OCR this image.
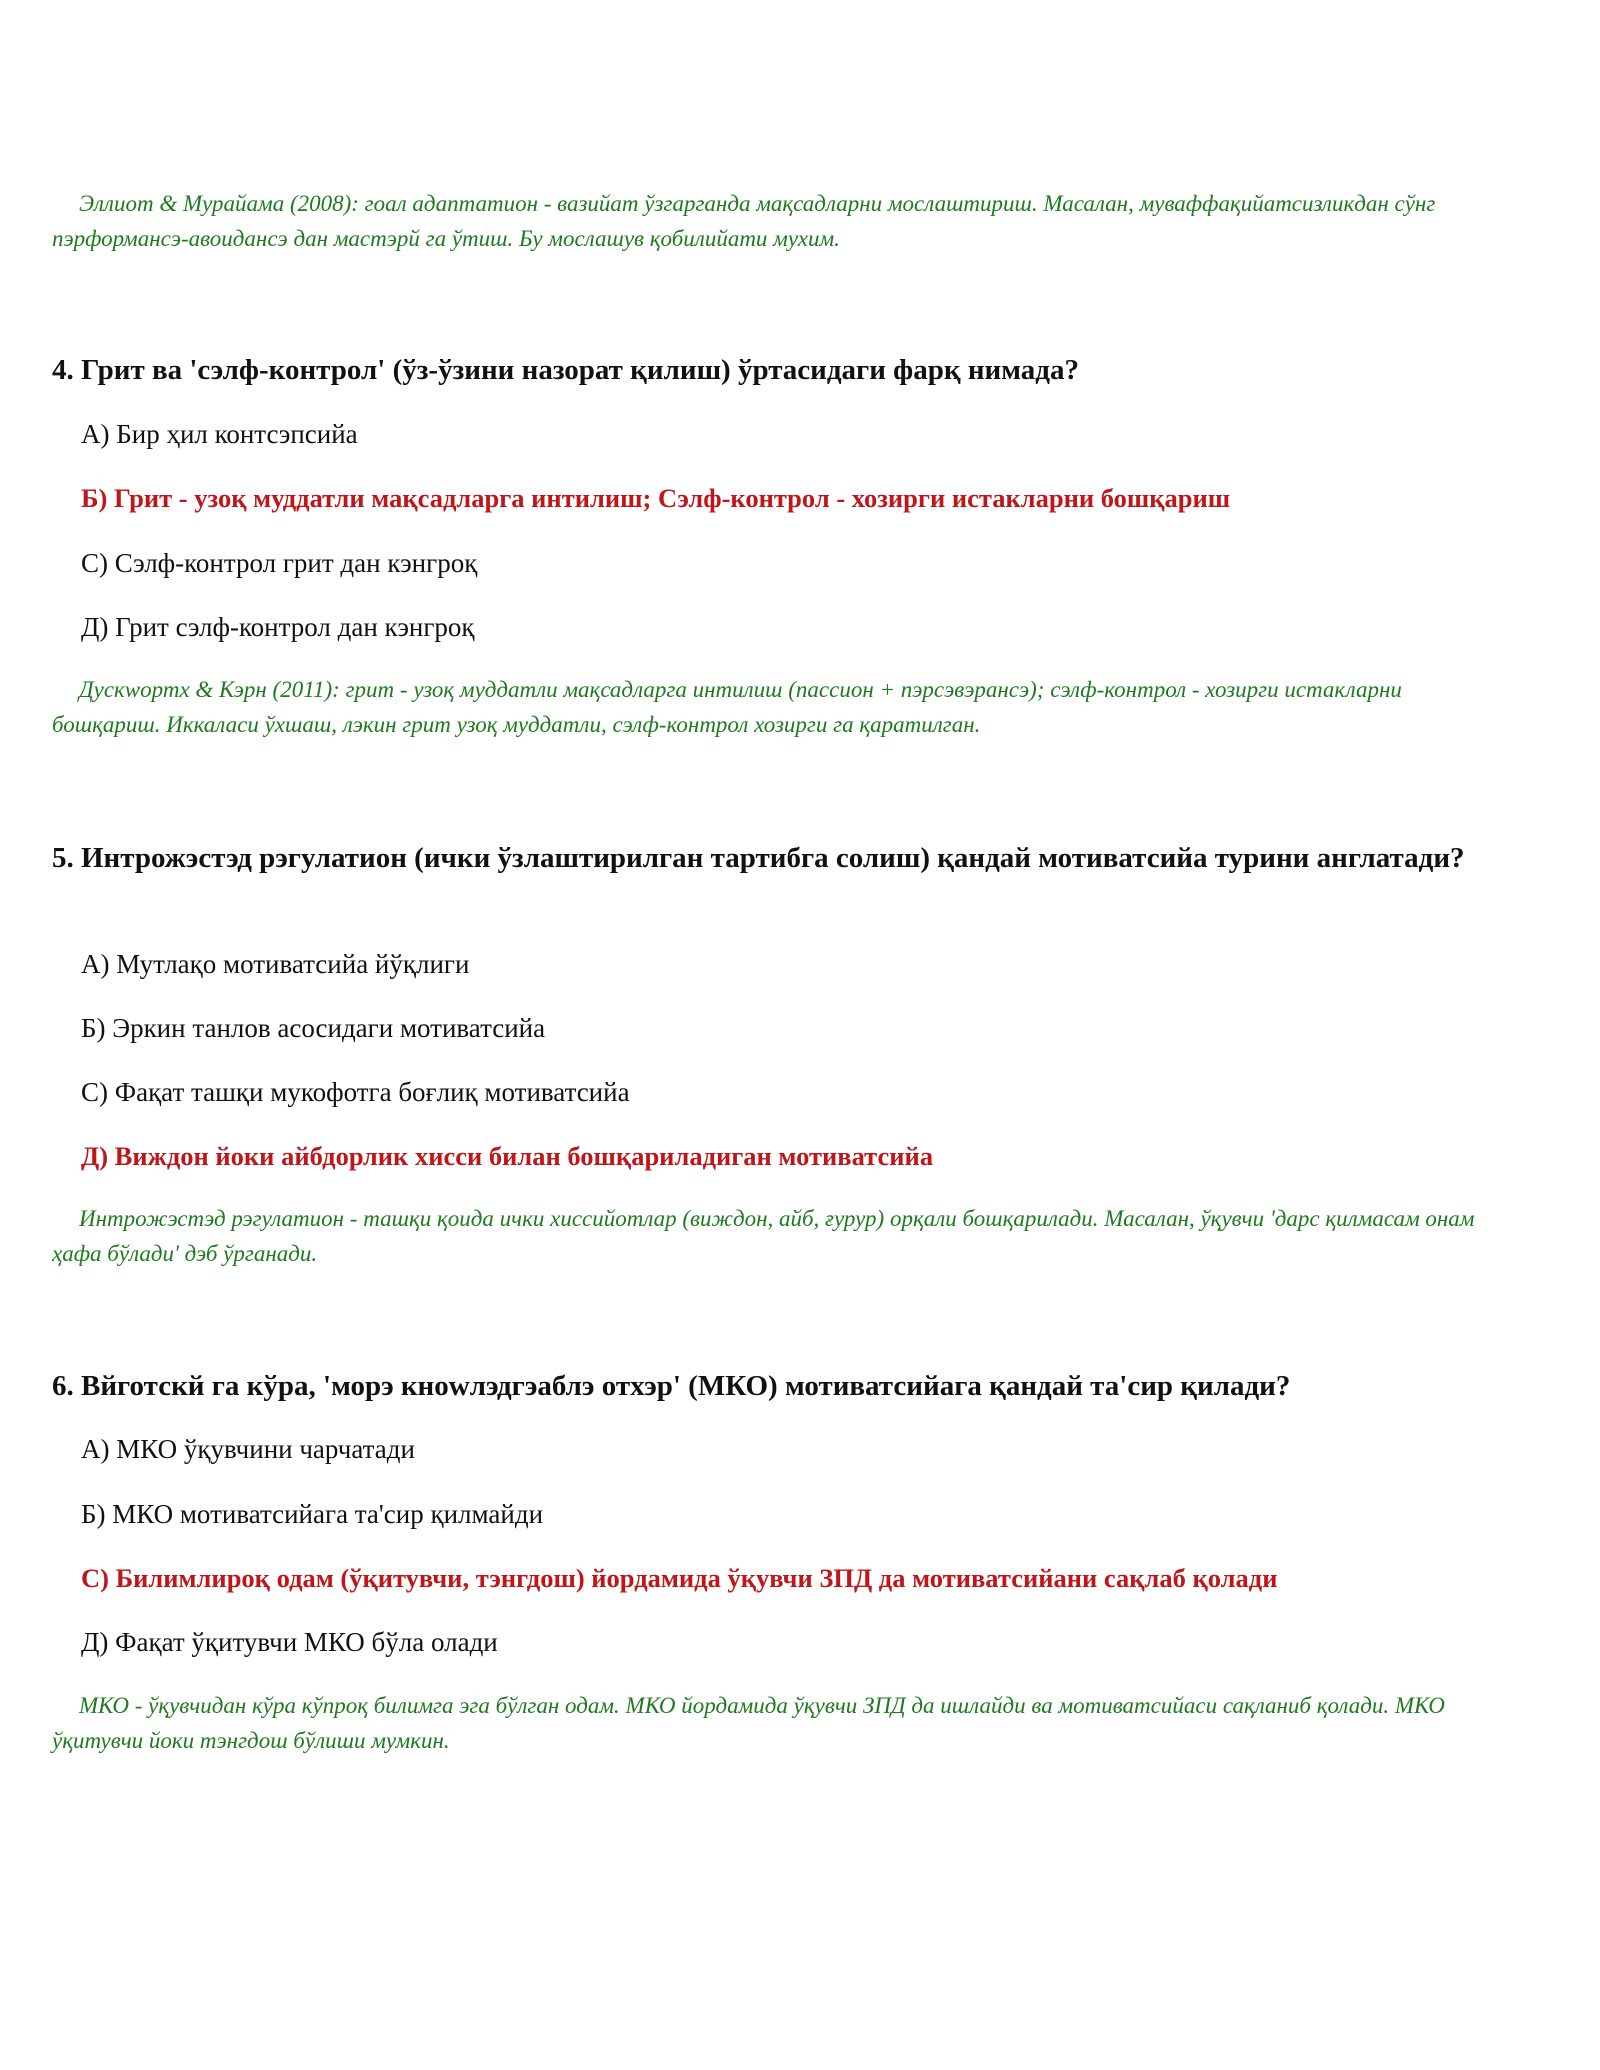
Эллиот & Мурайама (2008): гоал адаптатион - вазийат ўзгарганда мақсадларни мослаштириш. Масалан, муваффақийатсизликдан сўнг пэрформансэ-авоидансэ дан мастэрй га ўтиш. Бу мослашув қобилийати мухим.

4. Грит ва 'сэлф-контрол' (ўз-ўзини назорат қилиш) ўртасидаги фарқ нимада?

А) Бир ҳил контсэпсийа

Б) Грит - узоқ муддатли мақсадларга интилиш; Сэлф-контрол - хозирги истакларни бошқариш

С) Сэлф-контрол грит дан кэнгроқ

Д) Грит сэлф-контрол дан кэнгроқ

Дускwортх & Кэрн (2011): грит - узоқ муддатли мақсадларга интилиш (пассион + пэрсэвэрансэ); сэлф-контрол - хозирги истакларни бошқариш. Иккаласи ўхшаш, лэкин грит узоқ муддатли, сэлф-контрол хозирги га қаратилган.

5. Интрожэстэд рэгулатион (ички ўзлаштирилган тартибга солиш) қандай мотиватсийа турини англатади?

А) Мутлақо мотиватсийа йўқлиги

Б) Эркин танлов асосидаги мотиватсийа

С) Фақат ташқи мукофотга боғлиқ мотиватсийа

Д) Виждон йоки айбдорлик хисси билан бошқариладиган мотиватсийа

Интрожэстэд рэгулатион - ташқи қоида ички хиссийотлар (виждон, айб, ғурур) орқали бошқарилади. Масалан, ўқувчи 'дарс қилмасам онам ҳафа бўлади' дэб ўрганади.

6. Вйготскй га кўра, 'морэ кноwлэдгэаблэ отхэр' (МКО) мотиватсийага қандай та'сир қилади?

А) МКО ўқувчини чарчатади

Б) МКО мотиватсийага та'сир қилмайди

С) Билимлироқ одам (ўқитувчи, тэнгдош) йордамида ўқувчи ЗПД да мотиватсийани сақлаб қолади

Д) Фақат ўқитувчи МКО бўла олади

МКО - ўқувчидан кўра кўпроқ билимга эга бўлган одам. МКО йордамида ўқувчи ЗПД да ишлайди ва мотиватсийаси сақланиб қолади. МКО ўқитувчи йоки тэнгдош бўлиши мумкин.
